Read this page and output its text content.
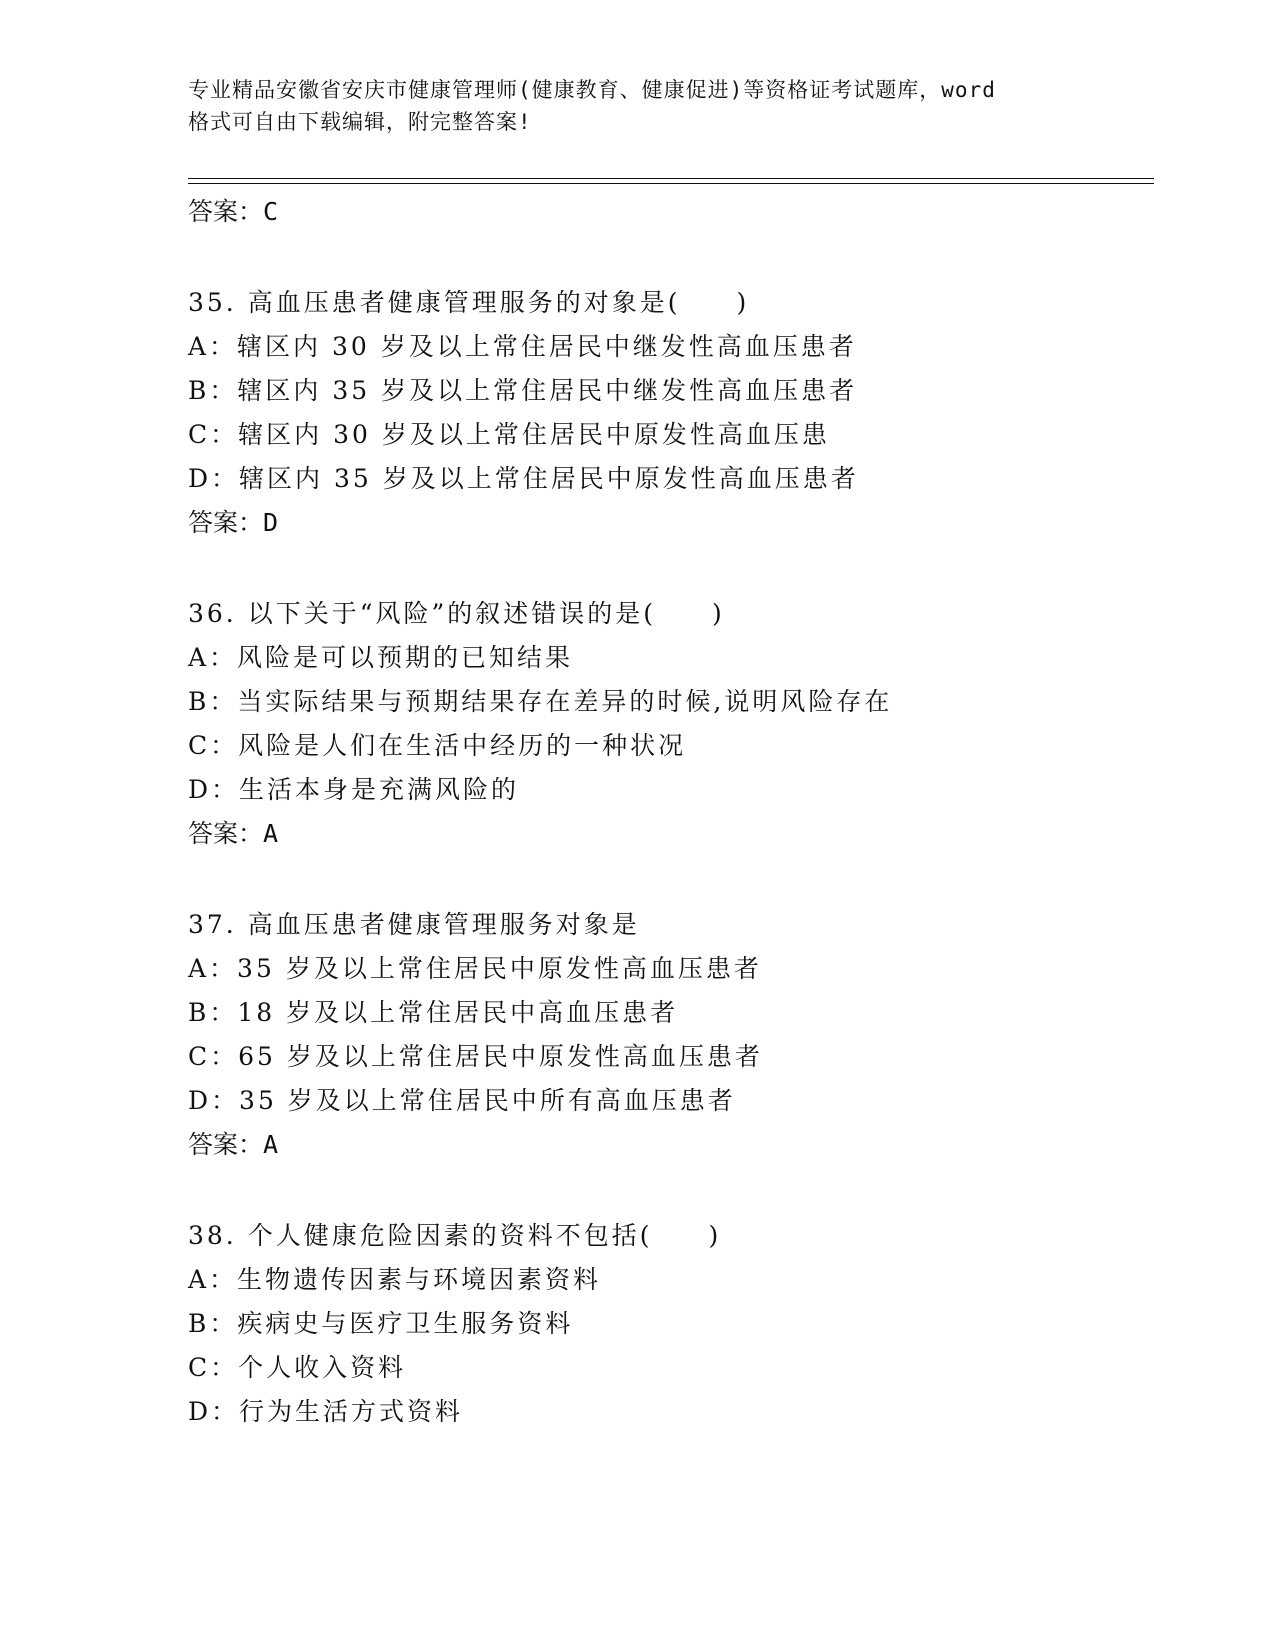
专业精品安徽省安庆市健康管理师(健康教育、健康促进)等资格证考试题库，word
格式可自由下载编辑，附完整答案!
答案：C
35. 高血压患者健康管理服务的对象是(　　)
A：辖区内 30 岁及以上常住居民中继发性高血压患者
B：辖区内 35 岁及以上常住居民中继发性高血压患者
C：辖区内 30 岁及以上常住居民中原发性高血压患
D：辖区内 35 岁及以上常住居民中原发性高血压患者
答案：D
36. 以下关于“风险”的叙述错误的是(　　)
A：风险是可以预期的已知结果
B：当实际结果与预期结果存在差异的时候,说明风险存在
C：风险是人们在生活中经历的一种状况
D：生活本身是充满风险的
答案：A
37. 高血压患者健康管理服务对象是
A：35 岁及以上常住居民中原发性高血压患者
B：18 岁及以上常住居民中高血压患者
C：65 岁及以上常住居民中原发性高血压患者
D：35 岁及以上常住居民中所有高血压患者
答案：A
38. 个人健康危险因素的资料不包括(　　)
A：生物遗传因素与环境因素资料
B：疾病史与医疗卫生服务资料
C：个人收入资料
D：行为生活方式资料
